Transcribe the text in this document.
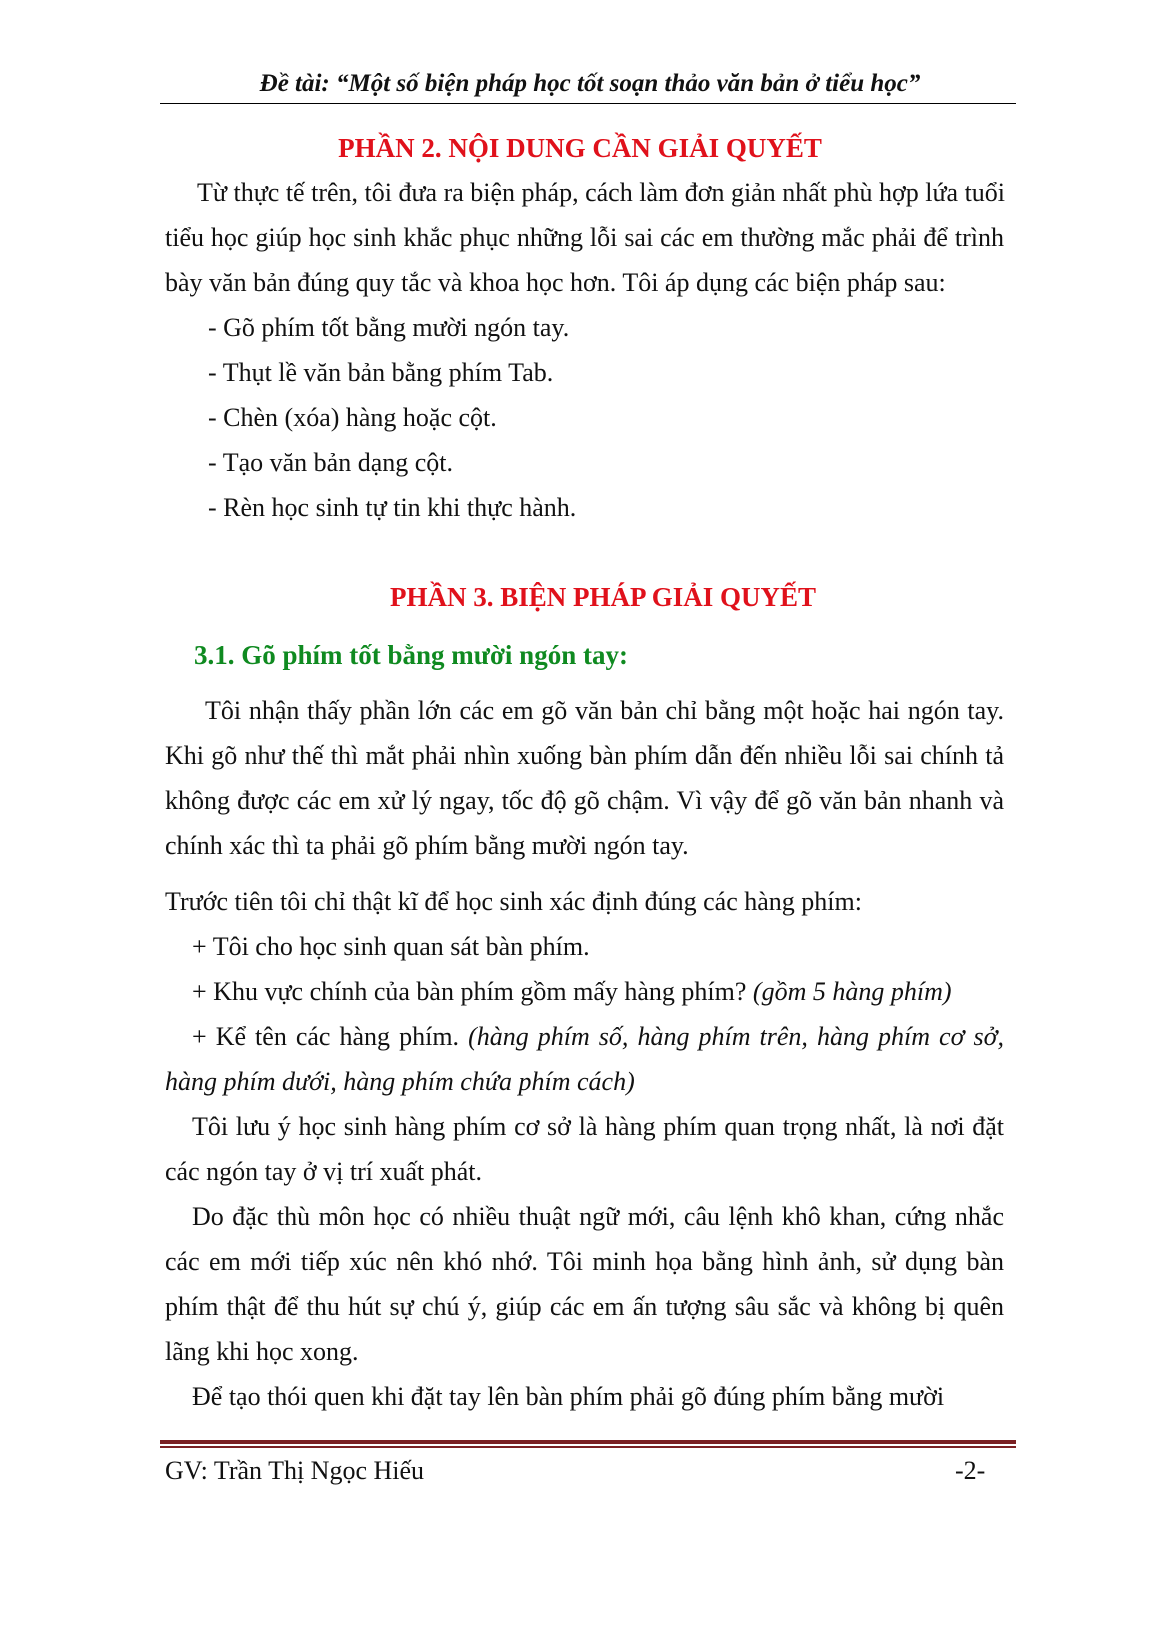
Đề tài: “Một số biện pháp học tốt soạn thảo văn bản ở tiểu học”
PHẦN 2. NỘI DUNG CẦN GIẢI QUYẾT
Từ thực tế trên, tôi đưa ra biện pháp, cách làm đơn giản nhất phù hợp lứa tuổi
tiểu học giúp học sinh khắc phục những lỗi sai các em thường mắc phải để trình
bày văn bản đúng quy tắc và khoa học hơn. Tôi áp dụng các biện pháp sau:
- Gõ phím tốt bằng mười ngón tay.
- Thụt lề văn bản bằng phím Tab.
- Chèn (xóa) hàng hoặc cột.
- Tạo văn bản dạng cột.
- Rèn học sinh tự tin khi thực hành.
PHẦN 3. BIỆN PHÁP GIẢI QUYẾT
3.1. Gõ phím tốt bằng mười ngón tay:
Tôi nhận thấy phần lớn các em gõ văn bản chỉ bằng một hoặc hai ngón tay.
Khi gõ như thế thì mắt phải nhìn xuống bàn phím dẫn đến nhiều lỗi sai chính tả
không được các em xử lý ngay, tốc độ gõ chậm. Vì vậy để gõ văn bản nhanh và
chính xác thì ta phải gõ phím bằng mười ngón tay.
Trước tiên tôi chỉ thật kĩ để học sinh xác định đúng các hàng phím:
+ Tôi cho học sinh quan sát bàn phím.
+ Khu vực chính của bàn phím gồm mấy hàng phím? (gồm 5 hàng phím)
+ Kể tên các hàng phím. (hàng phím số, hàng phím trên, hàng phím cơ sở,
hàng phím dưới, hàng phím chứa phím cách)
Tôi lưu ý học sinh hàng phím cơ sở là hàng phím quan trọng nhất, là nơi đặt
các ngón tay ở vị trí xuất phát.
Do đặc thù môn học có nhiều thuật ngữ mới, câu lệnh khô khan, cứng nhắc
các em mới tiếp xúc nên khó nhớ. Tôi minh họa bằng hình ảnh, sử dụng bàn
phím thật để thu hút sự chú ý, giúp các em ấn tượng sâu sắc và không bị quên
lãng khi học xong.
Để tạo thói quen khi đặt tay lên bàn phím phải gõ đúng phím bằng mười
GV: Trần Thị Ngọc Hiếu	-2-
